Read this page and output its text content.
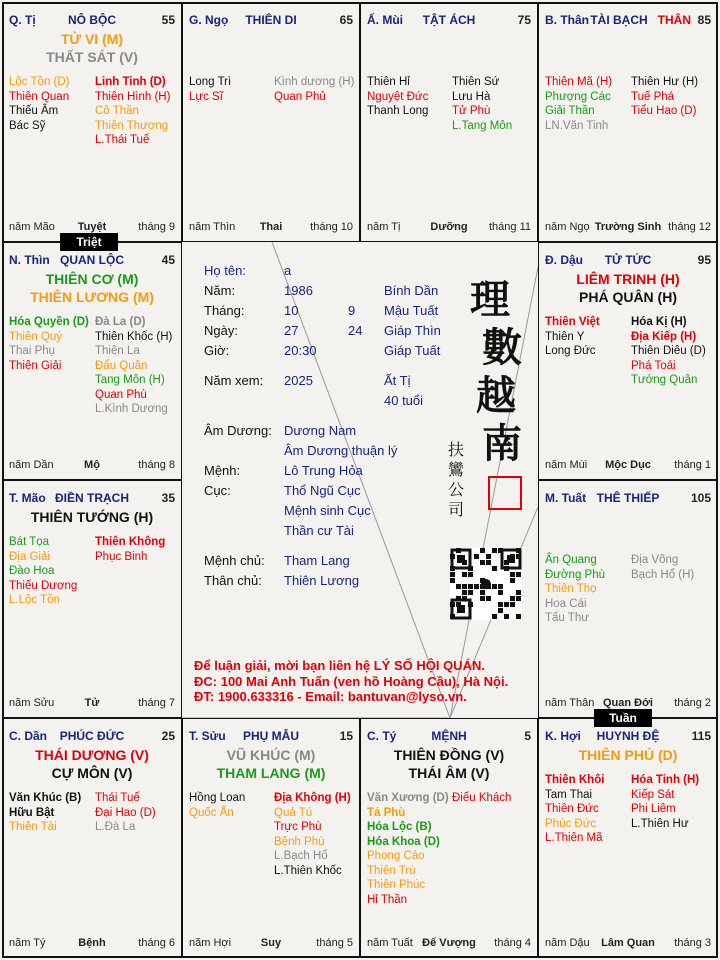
Q. Tị	NÔ BỘC	55
TỬ VI (M)
THẤT SÁT (V)
Lộc Tồn (D)
Thiên Quan
Thiếu Âm
Bác Sỹ
Linh Tinh (D)
Thiên Hình (H)
Cô Thần
Thiên Thương
L.Thái Tuế
năm Mão	Tuyệt	tháng 9
G. Ngọ	THIÊN DI	65
Long Trì
Lực Sĩ
Kình dương (H)
Quan Phủ
năm Thìn	Thai	tháng 10
Ấ. Mùi	TẬT ÁCH	75
Thiên Hỉ
Nguyệt Đức
Thanh Long
Thiên Sứ
Lưu Hà
Tử Phù
L.Tang Môn
năm Tị	Dưỡng	tháng 11
B. Thân TÀI BẠCH THÂN 85
Thiên Mã (H)
Phượng Các
Giải Thần
LN.Văn Tinh
Thiên Hư (H)
Tuế Phá
Tiểu Hao (D)
năm Ngọ Trường Sinh tháng 12
N. Thìn QUAN LỘC	45
THIÊN CƠ (M)
THIÊN LƯƠNG (M)
Hóa Quyền (D)
Thiên Quý
Thai Phụ
Thiên Giải
Đà La (D)
Thiên Khốc (H)
Thiên La
Đẩu Quân
Tang Môn (H)
Quan Phù
L.Kình Dương
năm Dần	Mộ	tháng 8
Đ. Dậu	TỬ TỨC	95
LIÊM TRINH (H)
PHÁ QUÂN (H)
Thiên Việt
Thiên Y
Long Đức
Hóa Kị (H)
Địa Kiếp (H)
Thiên Diêu (D)
Phá Toái
Tướng Quân
năm Mùi	Mộc Dục	tháng 1
T. Mão ĐIỀN TRẠCH	35
THIÊN TƯỚNG (H)
Bát Tọa
Địa Giải
Đào Hoa
Thiếu Dương
L.Lộc Tồn
Thiên Không
Phục Binh
năm Sửu	Tử	tháng 7
M. Tuất THÊ THIẾP	105
Ân Quang
Đường Phù
Thiên Thọ
Hoa Cái
Tấu Thư
Địa Võng
Bạch Hổ (H)
năm Thân Quan Đới	tháng 2
C. Dần	PHÚC ĐỨC	25
THÁI DƯƠNG (V)
CỰ MÔN (V)
Văn Khúc (B)
Hữu Bật
Thiên Tài
Thái Tuế
Đại Hao (D)
L.Đà La
năm Tý	Bệnh	tháng 6
T. Sửu	PHỤ MẪU	15
VŨ KHÚC (M)
THAM LANG (M)
Hồng Loan
Quốc Ấn
Địa Không (H)
Quả Tú
Trực Phù
Bệnh Phù
L.Bạch Hổ
L.Thiên Khốc
năm Hợi	Suy	tháng 5
C. Tý	MỆNH	5
THIÊN ĐỒNG (V)
THÁI ÂM (V)
Văn Xương (D)
Tả Phù
Hóa Lộc (B)
Hóa Khoa (D)
Phong Cáo
Thiên Trù
Thiên Phúc
Hỉ Thần
Điếu Khách
năm Tuất Đế Vượng	tháng 4
K. Hợi	HUYNH ĐỆ	115
THIÊN PHỦ (D)
Thiên Khôi
Tam Thai
Thiên Đức
Phúc Đức
L.Thiên Mã
Hóa Tinh (H)
Kiếp Sát
Phi Liêm
L.Thiên Hư
năm Dậu	Lâm Quan	tháng 3
Họ tên:	a
Năm:	1986	Bính Dần
Tháng:	10	9 Mậu Tuất
Ngày:	27	24 Giáp Thìn
Giờ:	20:30	Giáp Tuất
Năm xem: 2025	Ất Tị
40 tuổi
Âm Dương: Dương Nam
Âm Dương thuận lý
Mệnh:	Lô Trung Hỏa
Cục:	Thổ Ngũ Cục
Mệnh sinh Cục
Thần cư Tài
Mệnh chủ: Tham Lang
Thân chủ: Thiên Lương
理
數
越
南
扶鸞公司
Để luận giải, mời bạn liên hệ LÝ SỐ HỘI QUÁN.
ĐC: 100 Mai Anh Tuấn (ven hồ Hoàng Cầu), Hà Nội.
ĐT: 1900.633316 - Email: bantuvan@lyso.vn.
Triệt
Tuần
